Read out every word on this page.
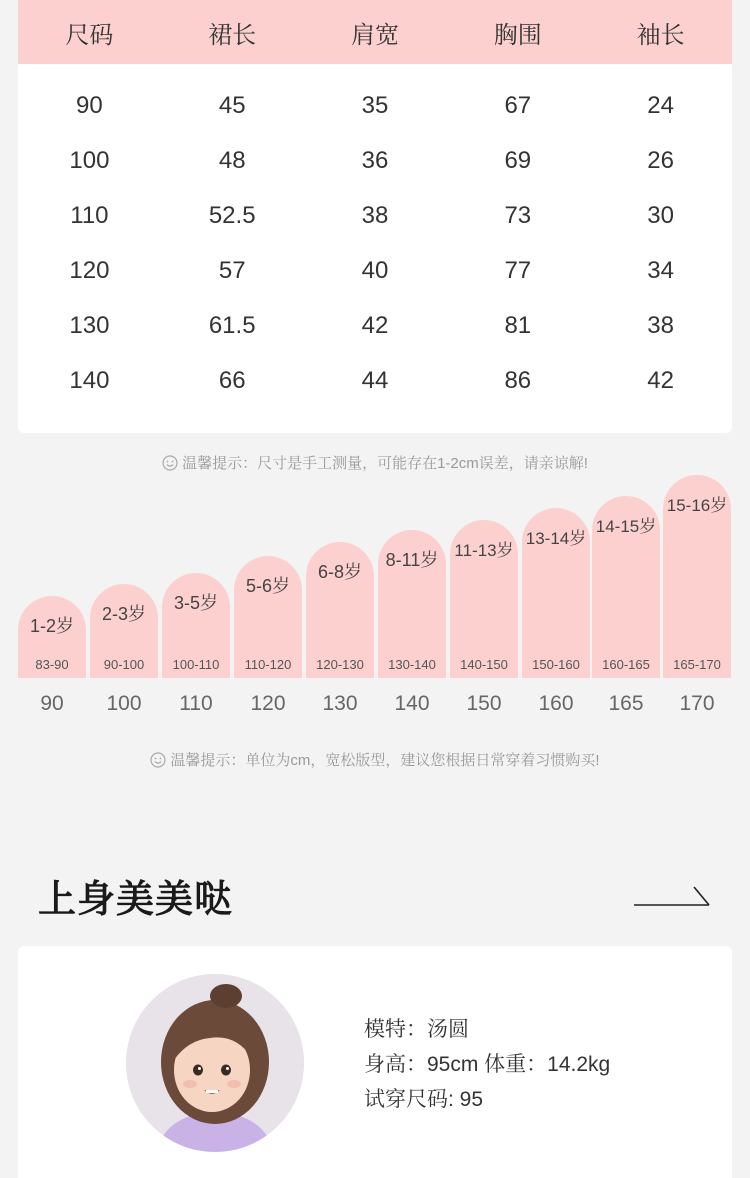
尺码	裙长	肩宽	胸围	袖长
90	45	35	67	24
100	48	36	69	26
110	52.5	38	73	30
120	57	40	77	34
130	61.5	42	81	38
140	66	44	86	42
温馨提示：尺寸是手工测量，可能存在1-2cm误差，请亲谅解!
1-2岁
83-90
90
2-3岁
90-100
100
3-5岁
100-110
110
5-6岁
110-120
120
6-8岁
120-130
130
8-11岁
130-140
140
11-13岁
140-150
150
13-14岁
150-160
160
14-15岁
160-165
165
15-16岁
165-170
170
温馨提示：单位为cm，宽松版型，建议您根据日常穿着习惯购买!
上身美美哒
模特：汤圆
身高：95cm 体重：14.2kg
试穿尺码: 95
